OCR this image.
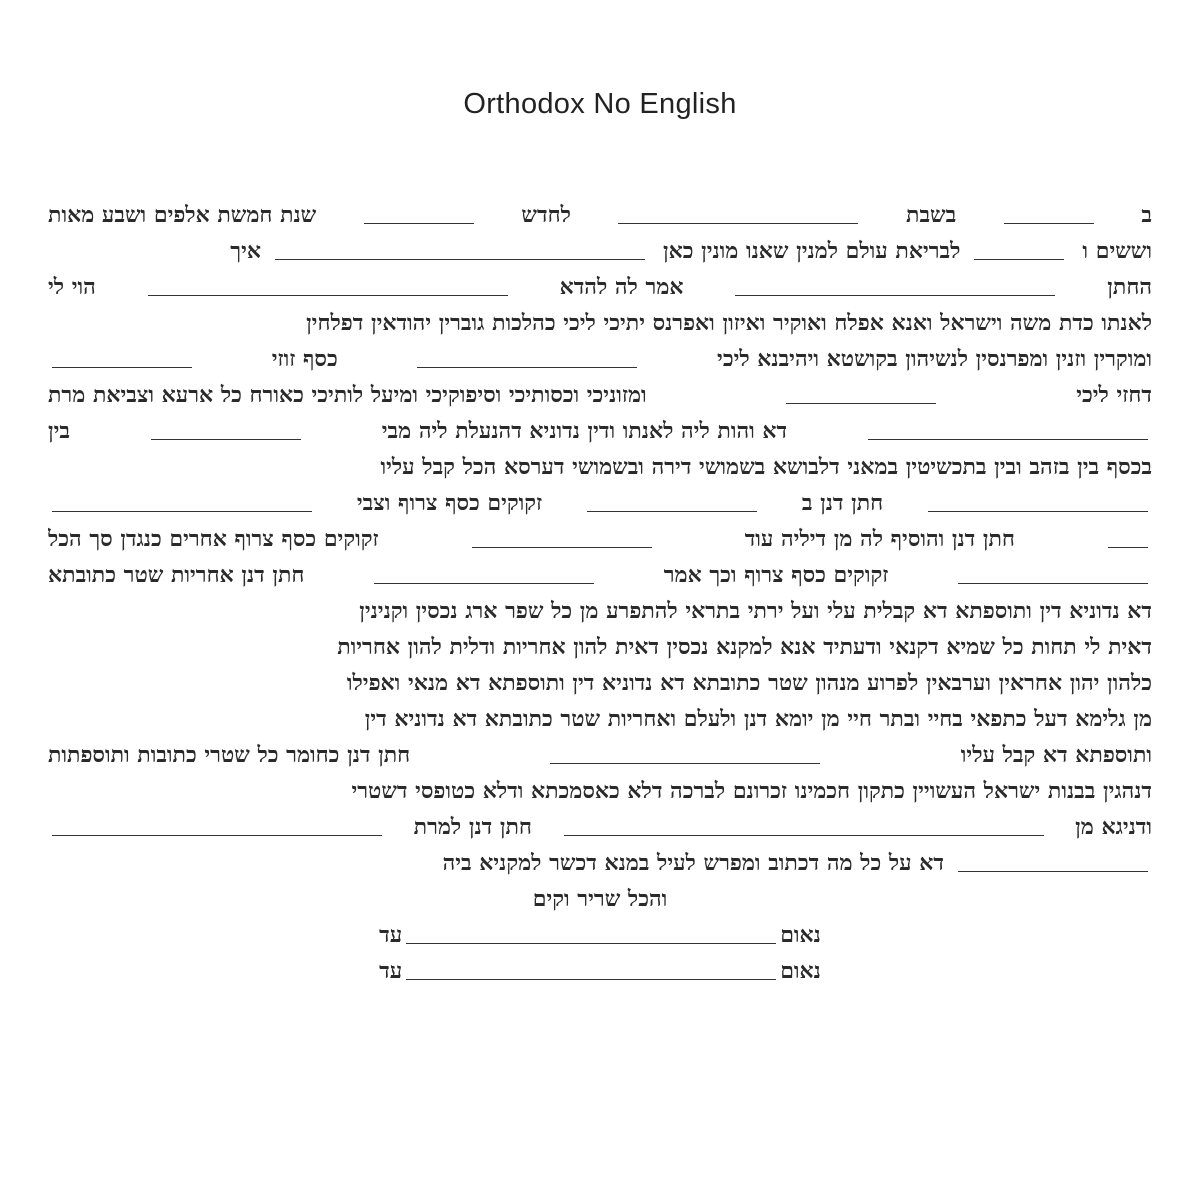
Orthodox No English
ב
בשבת
לחדש
שנת חמשת אלפים ושבע מאות
וששים ו
לבריאת עולם למנין שאנו מונין כאן
איך
החתן
אמר לה להדא
הוי לי
לאנתו כדת משה וישראל ואנא אפלח ואוקיר ואיזון ואפרנס יתיכי ליכי כהלכות גוברין יהודאין דפלחין
ומוקרין וזנין ומפרנסין לנשיהון בקושטא ויהיבנא ליכי
כסף זוזי
דחזי ליכי
ומזוניכי וכסותיכי וסיפוקיכי ומיעל לותיכי כאורח כל ארעא וצביאת מרת
דא והות ליה לאנתו ודין נדוניא דהנעלת ליה מבי
בין
בכסף בין בזהב ובין בתכשיטין במאני דלבושא בשמושי דירה ובשמושי דערסא הכל קבל עליו
חתן דנן ב
זקוקים כסף צרוף וצבי
חתן דנן והוסיף לה מן דיליה עוד
זקוקים כסף צרוף אחרים כנגדן סך הכל
זקוקים כסף צרוף וכך אמר
חתן דנן אחריות שטר כתובתא
דא נדוניא דין ותוספתא דא קבלית עלי ועל ירתי בתראי להתפרע מן כל שפר ארג נכסין וקנינין
דאית לי תחות כל שמיא דקנאי ודעתיד אנא למקנא נכסין דאית להון אחריות ודלית להון אחריות
כלהון יהון אחראין וערבאין לפרוע מנהון שטר כתובתא דא נדוניא דין ותוספתא דא מנאי ואפילו
מן גלימא דעל כתפאי בחיי ובתר חיי מן יומא דנן ולעלם ואחריות שטר כתובתא דא נדוניא דין
ותוספתא דא קבל עליו
חתן דנן כחומר כל שטרי כתובות ותוספתות
דנהגין בבנות ישראל העשויין כתקון חכמינו זכרונם לברכה דלא כאסמכתא ודלא כטופסי דשטרי
ודניגא מן
חתן דנן למרת
דא על כל מה דכתוב ומפרש לעיל במנא דכשר למקניא ביה
והכל שריר וקים
נאום
עד
נאום
עד
